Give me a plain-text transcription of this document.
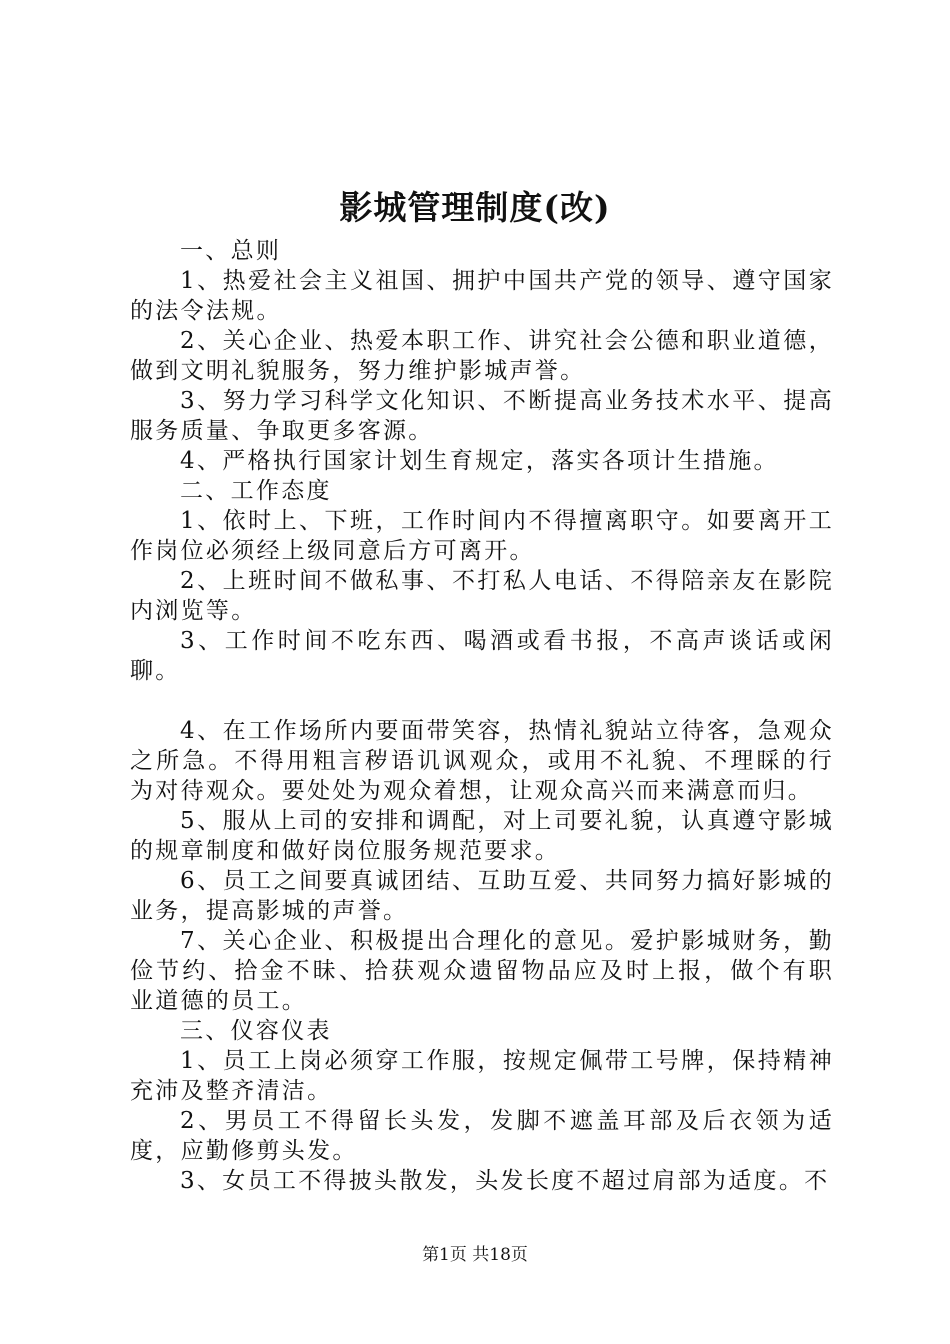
影城管理制度(改)

一、总则

1、热爱社会主义祖国、拥护中国共产党的领导、遵守国家的法令法规。

2、关心企业、热爱本职工作、讲究社会公德和职业道德，做到文明礼貌服务，努力维护影城声誉。

3、努力学习科学文化知识、不断提高业务技术水平、提高服务质量、争取更多客源。

4、严格执行国家计划生育规定，落实各项计生措施。

二、工作态度

1、依时上、下班，工作时间内不得擅离职守。如要离开工作岗位必须经上级同意后方可离开。

2、上班时间不做私事、不打私人电话、不得陪亲友在影院内浏览等。

3、工作时间不吃东西、喝酒或看书报，不高声谈话或闲聊。

4、在工作场所内要面带笑容，热情礼貌站立待客，急观众之所急。不得用粗言秽语讥讽观众，或用不礼貌、不理睬的行为对待观众。要处处为观众着想，让观众高兴而来满意而归。

5、服从上司的安排和调配，对上司要礼貌，认真遵守影城的规章制度和做好岗位服务规范要求。

6、员工之间要真诚团结、互助互爱、共同努力搞好影城的业务，提高影城的声誉。

7、关心企业、积极提出合理化的意见。爱护影城财务，勤俭节约、拾金不昧、拾获观众遗留物品应及时上报，做个有职业道德的员工。

三、仪容仪表

1、员工上岗必须穿工作服，按规定佩带工号牌，保持精神充沛及整齐清洁。

2、男员工不得留长头发，发脚不遮盖耳部及后衣领为适度，应勤修剪头发。

3、女员工不得披头散发，头发长度不超过肩部为适度。不

第1页 共18页
